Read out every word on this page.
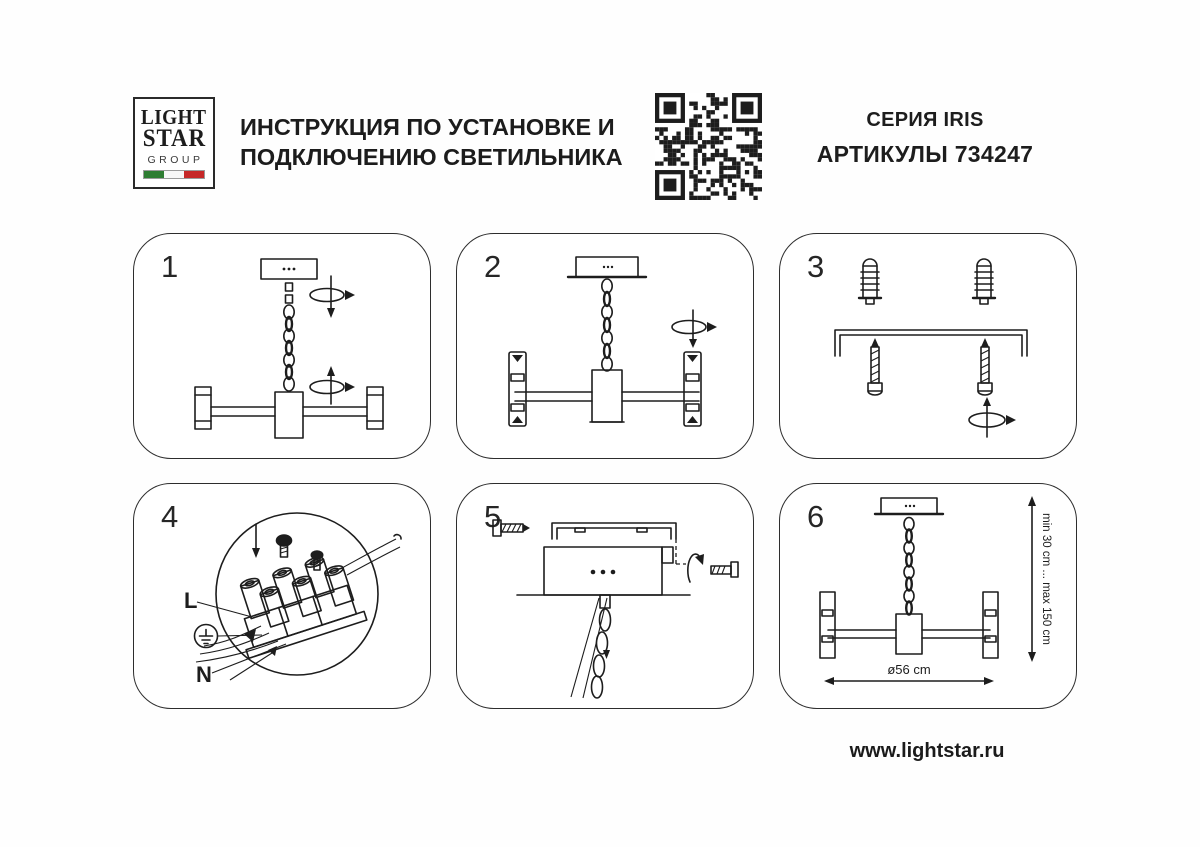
LIGHT
STAR
GROUP
ИНСТРУКЦИЯ ПО УСТАНОВКЕ И
ПОДКЛЮЧЕНИЮ СВЕТИЛЬНИКА
СЕРИЯ IRIS
АРТИКУЛЫ 734247
1	2	3
4
L
N
5	6	min 30 cm ... max 150 cm
ø56 cm
www.lightstar.ru
